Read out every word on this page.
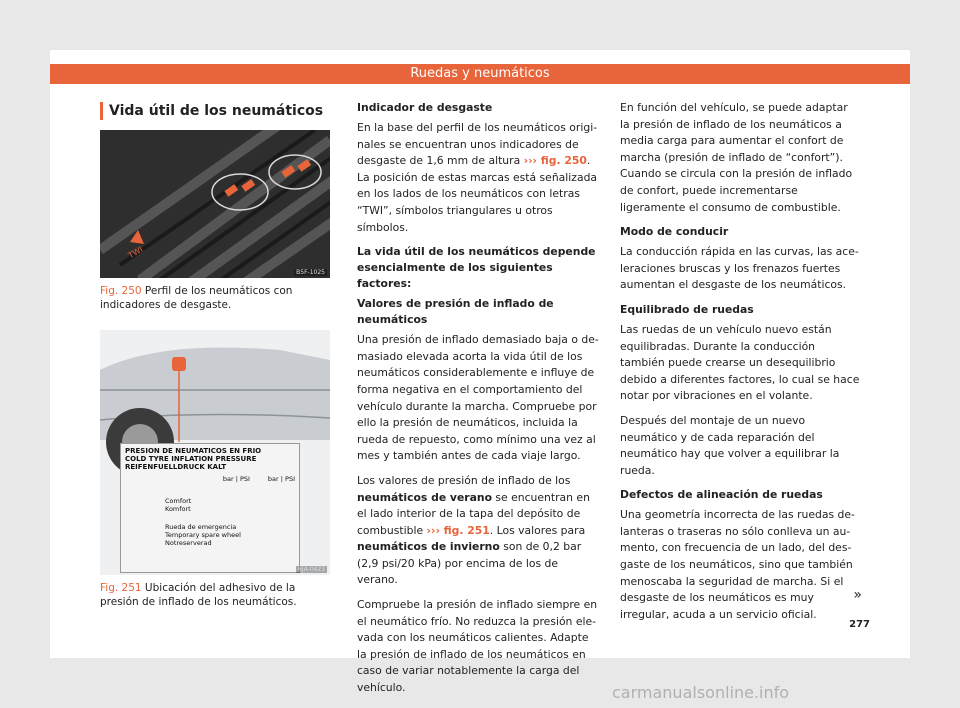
Ruedas y neumáticos
Vida útil de los neumáticos
TWI
B5F-1025
Fig. 250 Perfil de los neumáticos con indicadores de desgaste.
PRESION DE NEUMATICOS EN FRIO
COLD TYRE INFLATION PRESSURE
REIFENFUELLDRUCK KALT
bar | PSI	bar | PSI
Comfort
Komfort
Rueda de emergencia
Temporary spare wheel
Notreserverad
6JA-0423
Fig. 251 Ubicación del adhesivo de la presión de inflado de los neumáticos.
Indicador de desgaste

En la base del perfil de los neumáticos originales se encuentran unos indicadores de desgaste de 1,6 mm de altura ››› fig. 250. La posición de estas marcas está señalizada en los lados de los neumáticos con letras “TWI”, símbolos triangulares u otros símbolos.

La vida útil de los neumáticos depende esencialmente de los siguientes factores:
Valores de presión de inflado de neumáticos

Una presión de inflado demasiado baja o demasiado elevada acorta la vida útil de los neumáticos considerablemente e influye de forma negativa en el comportamiento del vehículo durante la marcha. Compruebe por ello la presión de neumáticos, incluida la rueda de repuesto, como mínimo una vez al mes y también antes de cada viaje largo.

Los valores de presión de inflado de los neumáticos de verano se encuentran en el lado interior de la tapa del depósito de combustible ››› fig. 251. Los valores para neumáticos de invierno son de 0,2 bar (2,9 psi/20 kPa) por encima de los de verano.

Compruebe la presión de inflado siempre en el neumático frío. No reduzca la presión elevada con los neumáticos calientes. Adapte la presión de inflado de los neumáticos en caso de variar notablemente la carga del vehículo.

En función del vehículo, se puede adaptar la presión de inflado de los neumáticos a media carga para aumentar el confort de marcha (presión de inflado de “confort”). Cuando se circula con la presión de inflado de confort, puede incrementarse ligeramente el consumo de combustible.

Modo de conducir

La conducción rápida en las curvas, las aceleraciones bruscas y los frenazos fuertes aumentan el desgaste de los neumáticos.

Equilibrado de ruedas

Las ruedas de un vehículo nuevo están equilibradas. Durante la conducción también puede crearse un desequilibrio debido a diferentes factores, lo cual se hace notar por vibraciones en el volante.

Después del montaje de un nuevo neumático y de cada reparación del neumático hay que volver a equilibrar la rueda.

Defectos de alineación de ruedas

Una geometría incorrecta de las ruedas delanteras o traseras no sólo conlleva un aumento, con frecuencia de un lado, del desgaste de los neumáticos, sino que también menoscaba la seguridad de marcha. Si el desgaste de los neumáticos es muy irregular, acuda a un servicio oficial.

»
277
carmanualsonline.info
